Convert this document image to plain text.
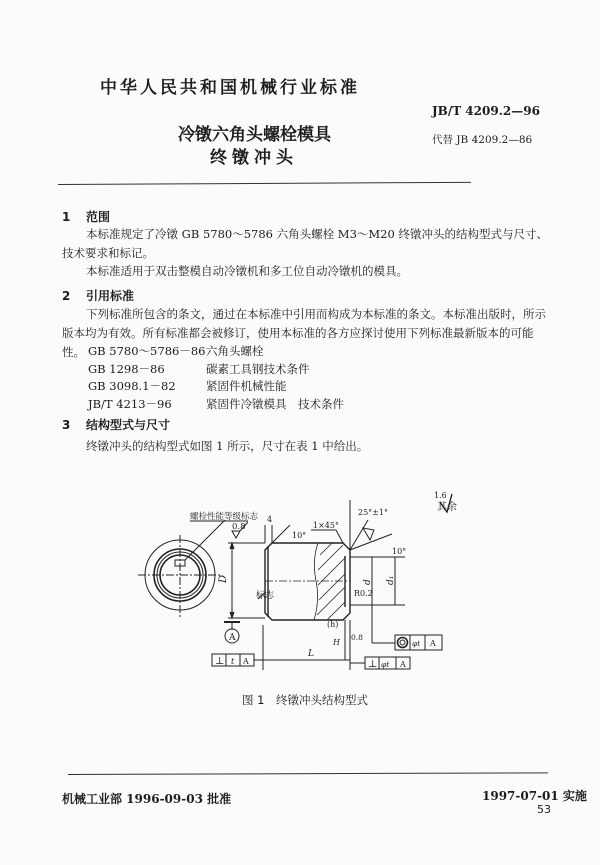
中华人民共和国机械行业标准
JB/T 4209.2—96
冷镦六角头螺栓模具	代替 JB 4209.2—86
终镦冲头
1 范围
本标准规定了冷镦 GB 5780～5786 六角头螺栓 M3～M20 终镦冲头的结构型式与尺寸、技术要求和标记。
本标准适用于双击整模自动冷镦机和多工位自动冷镦机的模具。
2 引用标准
下列标准所包含的条文，通过在本标准中引用而构成为本标准的条文。本标准出版时，所示版本均为有效。所有标准都会被修订，使用本标准的各方应探讨使用下列标准最新版本的可能性。 GB 5780～5786－86 六角头螺栓
GB 1298－86	碳素工具钢技术条件
GB 3098.1－82	紧固件机械性能
JB/T 4213－96	紧固件冷镦模具　技术条件
3 结构型式与尺寸
终镦冲头的结构型式如图 1 所示，尺寸在表 1 中给出。
其余
1.6
螺栓性能等级标志
D
A
标志
0.8
4
10°
1×45°
25°±1°
10°
d d₁
R0.2
(h)
H
0.8
L
⊥ t A	⊥ φt A
φt A
图 1　终镦冲头结构型式
机械工业部 1996-09-03 批准	1997-07-01 实施
53
